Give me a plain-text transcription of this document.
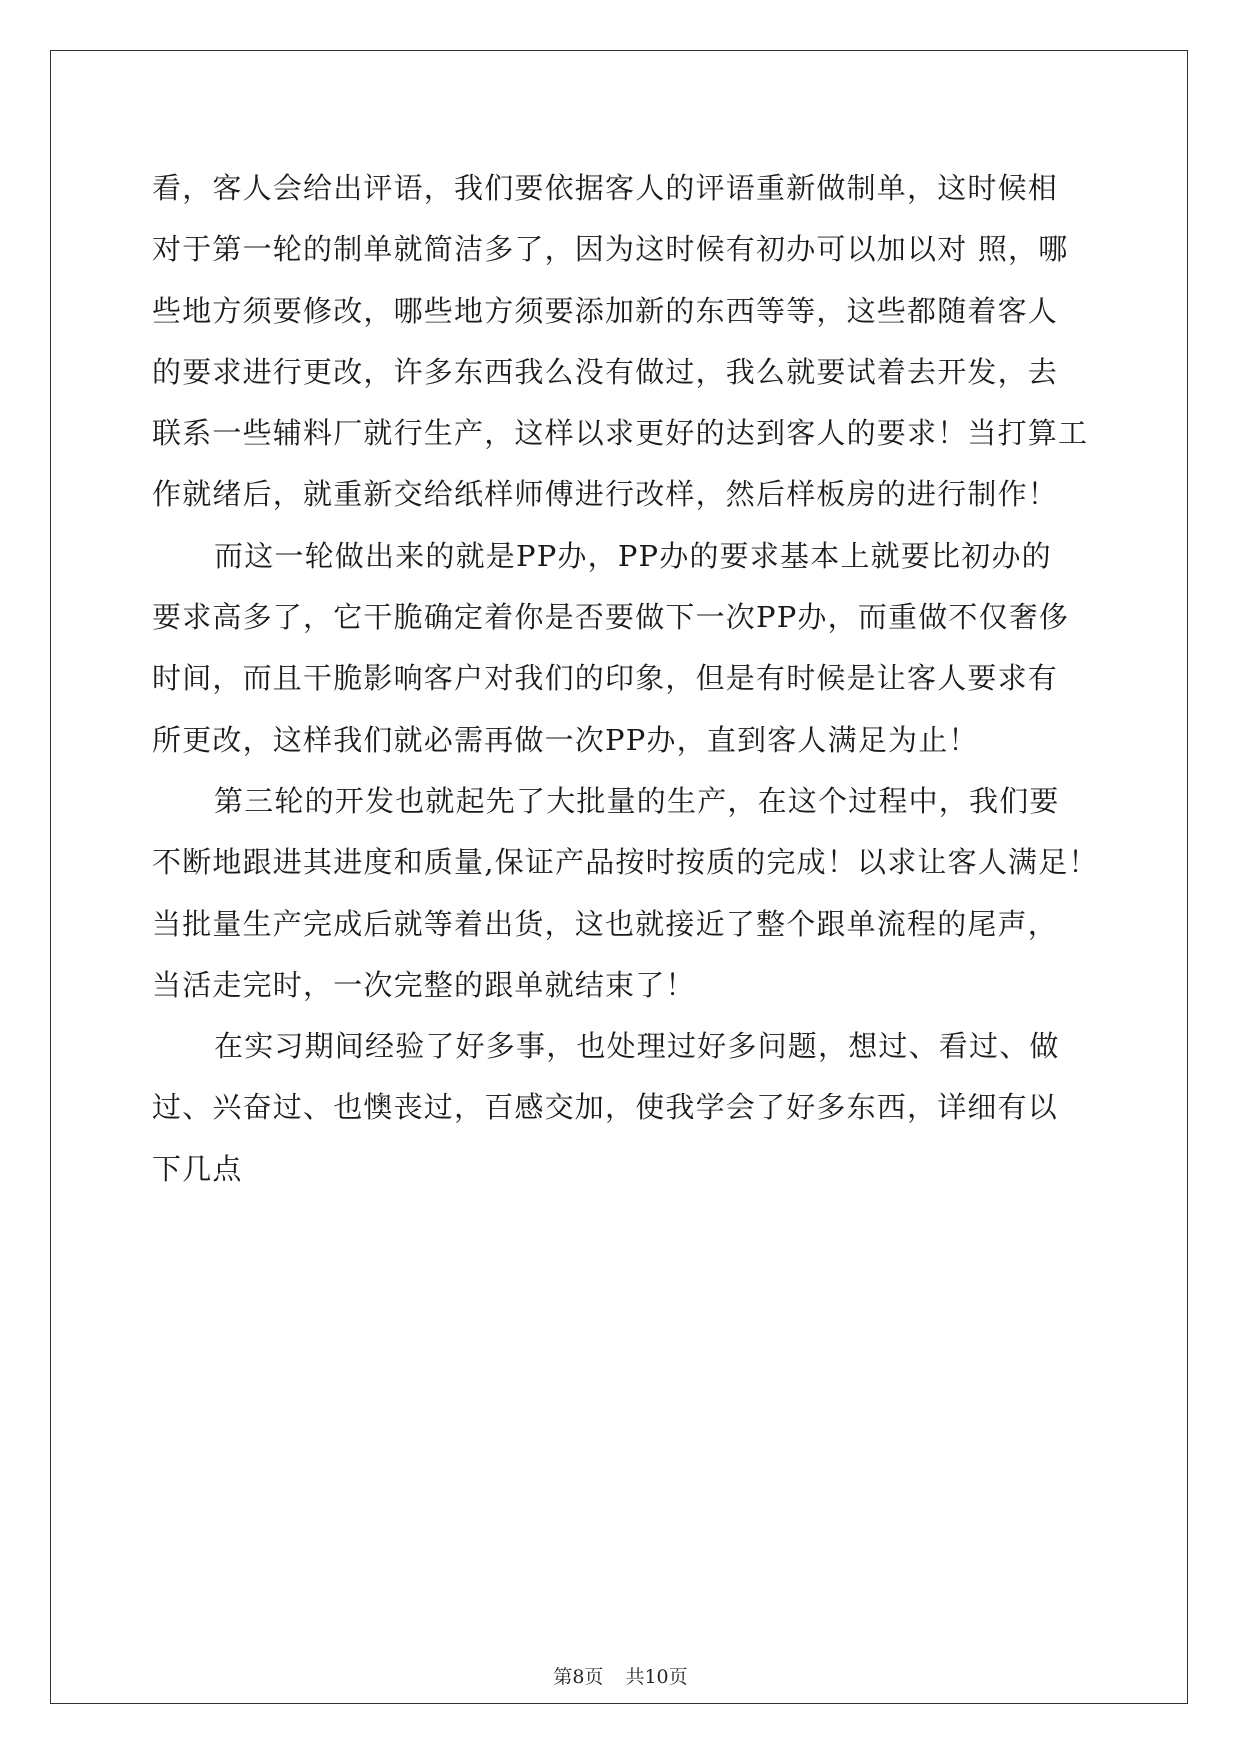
看，客人会给出评语，我们要依据客人的评语重新做制单，这时候相
对于第一轮的制单就简洁多了，因为这时候有初办可以加以对 照，哪
些地方须要修改，哪些地方须要添加新的东西等等，这些都随着客人
的要求进行更改，许多东西我么没有做过，我么就要试着去开发，去
联系一些辅料厂就行生产，这样以求更好的达到客人的要求！当打算工
作就绪后，就重新交给纸样师傅进行改样，然后样板房的进行制作！
而这一轮做出来的就是PP办，PP办的要求基本上就要比初办的
要求高多了，它干脆确定着你是否要做下一次PP办，而重做不仅奢侈
时间，而且干脆影响客户对我们的印象，但是有时候是让客人要求有
所更改，这样我们就必需再做一次PP办，直到客人满足为止！
第三轮的开发也就起先了大批量的生产，在这个过程中，我们要
不断地跟进其进度和质量,保证产品按时按质的完成！以求让客人满足！
当批量生产完成后就等着出货，这也就接近了整个跟单流程的尾声，
当活走完时，一次完整的跟单就结束了！
在实习期间经验了好多事，也处理过好多问题，想过、看过、做
过、兴奋过、也懊丧过，百感交加，使我学会了好多东西，详细有以
下几点
第8页 共10页
